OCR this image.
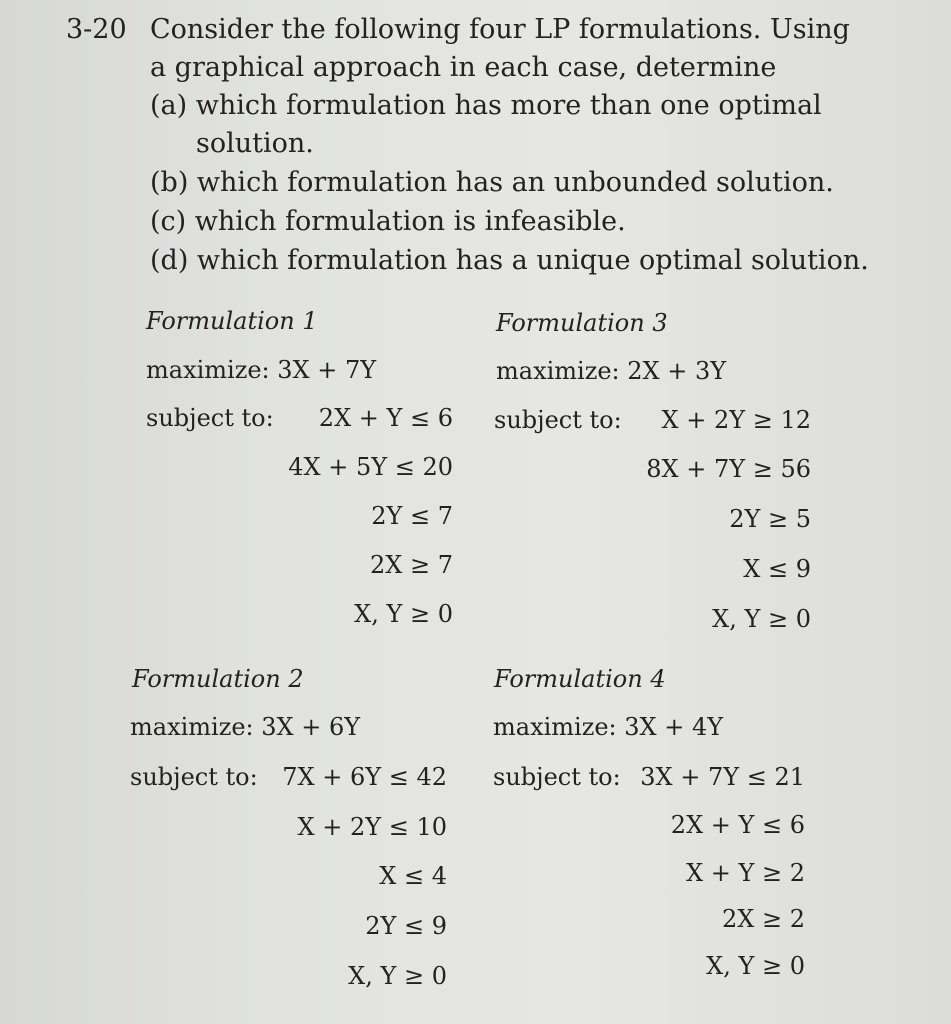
3-20 Consider the following four LP formulations. Using
a graphical approach in each case, determine
(a) which formulation has more than one optimal
solution.
(b) which formulation has an unbounded solution.
(c) which formulation is infeasible.
(d) which formulation has a unique optimal solution.
Formulation 1
maximize: 3X + 7Y
subject to: 2X + Y ≤ 6
4X + 5Y ≤ 20
2Y ≤ 7
2X ≥ 7
X, Y ≥ 0
Formulation 3
maximize: 2X + 3Y
subject to: X + 2Y ≥ 12
8X + 7Y ≥ 56
2Y ≥ 5
X ≤ 9
X, Y ≥ 0
Formulation 2
maximize: 3X + 6Y
subject to: 7X + 6Y ≤ 42
X + 2Y ≤ 10
X ≤ 4
2Y ≤ 9
X, Y ≥ 0
Formulation 4
maximize: 3X + 4Y
subject to: 3X + 7Y ≤ 21
2X + Y ≤ 6
X + Y ≥ 2
2X ≥ 2
X, Y ≥ 0
